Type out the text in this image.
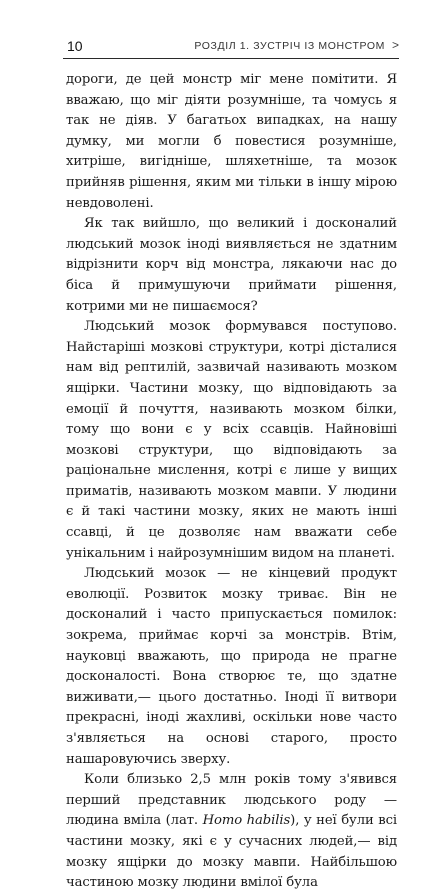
10	РОЗДІЛ 1. ЗУСТРІЧ ІЗ МОНСТРОМ >

дороги, де цей монстр міг мене помітити. Я вважаю, що міг діяти розумніше, та чомусь я так не діяв. У багатьох випадках, на нашу думку, ми могли б повестися розумніше, хитріше, вигідніше, шляхетніше, та мозок прийняв рішення, яким ми тільки в іншу мірою невдоволені.

Як так вийшло, що великий і досконалий людський мозок іноді виявляється не здатним відрізнити корч від монстра, лякаючи нас до біса й примушуючи приймати рішення, котрими ми не пишаємося?

Людський мозок формувався поступово. Найстаріші мозкові структури, котрі дісталися нам від рептилій, зазвичай називають мозком ящірки. Частини мозку, що відповідають за емоції й почуття, називають мозком білки, тому що вони є у всіх ссавців. Найновіші мозкові структури, що відповідають за раціональне мислення, котрі є лише у вищих приматів, називають мозком мавпи. У людини є й такі частини мозку, яких не мають інші ссавці, й це дозволяє нам вважати себе унікальним і найрозумнішим видом на планеті.

Людський мозок — не кінцевий продукт еволюції. Розвиток мозку триває. Він не досконалий і часто припускається помилок: зокрема, приймає корчі за монстрів. Втім, науковці вважають, що природа не прагне досконалості. Вона створює те, що здатне виживати,— цього достатньо. Іноді її витвори прекрасні, іноді жахливі, оскільки нове часто з'являється на основі старого, просто нашаровуючись зверху.

Коли близько 2,5 млн років тому з'явився перший представник людського роду — людина вміла (лат. Homo habilis), у неї були всі частини мозку, які є у сучасних людей,— від мозку ящірки до мозку мавпи. Найбільшою частиною мозку людини вмілої була
